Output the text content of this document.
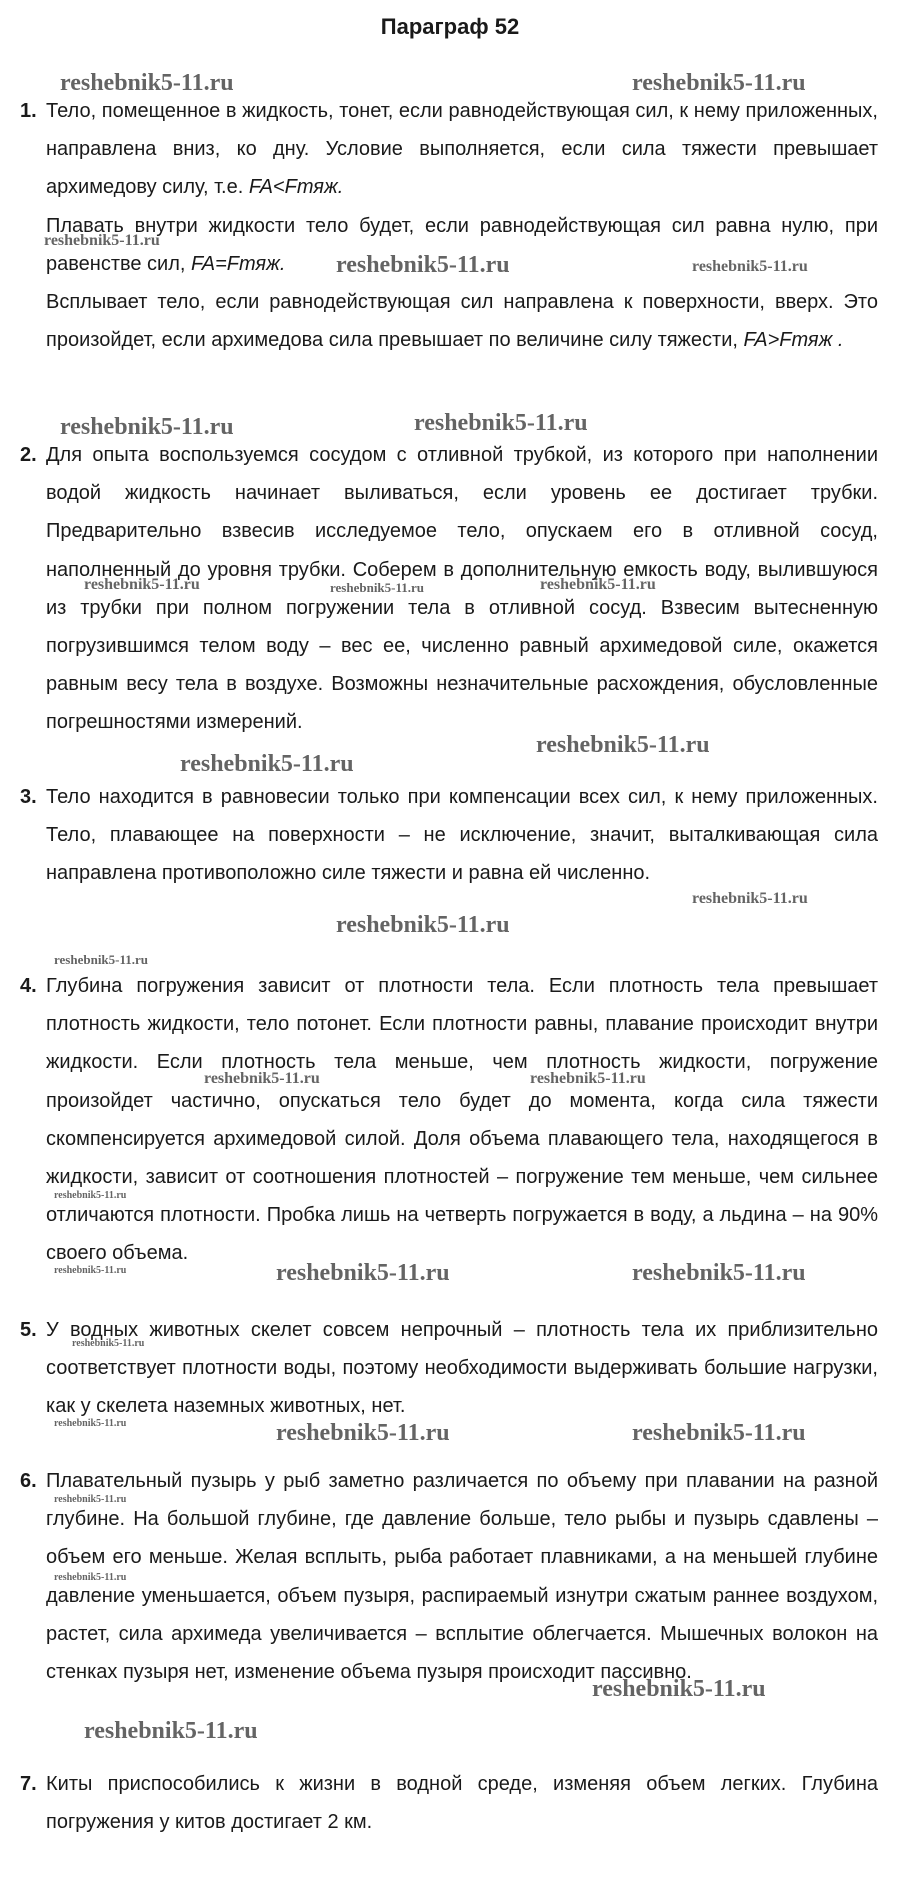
Параграф 52
1. Тело, помещенное в жидкость, тонет, если равнодействующая сил, к нему приложенных, направлена вниз, ко дну. Условие выполняется, если сила тяжести превышает архимедову силу, т.е. FA<Fтяж.

Плавать внутри жидкости тело будет, если равнодействующая сил равна нулю, при равенстве сил, FA=Fтяж.

Всплывает тело, если равнодействующая сил направлена к поверхности, вверх. Это произойдет, если архимедова сила превышает по величине силу тяжести, FA>Fтяж .

2. Для опыта воспользуемся сосудом с отливной трубкой, из которого при наполнении водой жидкость начинает выливаться, если уровень ее достигает трубки. Предварительно взвесив исследуемое тело, опускаем его в отливной сосуд, наполненный до уровня трубки. Соберем в дополнительную емкость воду, вылившуюся из трубки при полном погружении тела в отливной сосуд. Взвесим вытесненную погрузившимся телом воду – вес ее, численно равный архимедовой силе, окажется равным весу тела в воздухе. Возможны незначительные расхождения, обусловленные погрешностями измерений.
3. Тело находится в равновесии только при компенсации всех сил, к нему приложенных. Тело, плавающее на поверхности – не исключение, значит, выталкивающая сила направлена противоположно силе тяжести и равна ей численно.
4. Глубина погружения зависит от плотности тела. Если плотность тела превышает плотность жидкости, тело потонет. Если плотности равны, плавание происходит внутри жидкости. Если плотность тела меньше, чем плотность жидкости, погружение произойдет частично, опускаться тело будет до момента, когда сила тяжести скомпенсируется архимедовой силой. Доля объема плавающего тела, находящегося в жидкости, зависит от соотношения плотностей – погружение тем меньше, чем сильнее отличаются плотности. Пробка лишь на четверть погружается в воду, а льдина – на 90% своего объема.
5. У водных животных скелет совсем непрочный – плотность тела их приблизительно соответствует плотности воды, поэтому необходимости выдерживать большие нагрузки, как у скелета наземных животных, нет.
6. Плавательный пузырь у рыб заметно различается по объему при плавании на разной глубине. На большой глубине, где давление больше, тело рыбы и пузырь сдавлены – объем его меньше. Желая всплыть, рыба работает плавниками, а на меньшей глубине давление уменьшается, объем пузыря, распираемый изнутри сжатым раннее воздухом, растет, сила архимеда увеличивается – всплытие облегчается. Мышечных волокон на стенках пузыря нет, изменение объема пузыря происходит пассивно.
7. Киты приспособились к жизни в водной среде, изменяя объем легких. Глубина погружения у китов достигает 2 км.
reshebnik5-11.ru	reshebnik5-11.ru
reshebnik5-11.ru
reshebnik5-11.ru	reshebnik5-11.ru
reshebnik5-11.ru	reshebnik5-11.ru
reshebnik5-11.ru	reshebnik5-11.ru	reshebnik5-11.ru
reshebnik5-11.ru
reshebnik5-11.ru
reshebnik5-11.ru
reshebnik5-11.ru
reshebnik5-11.ru
reshebnik5-11.ru	reshebnik5-11.ru
reshebnik5-11.ru
reshebnik5-11.ru	reshebnik5-11.ru	reshebnik5-11.ru
reshebnik5-11.ru
reshebnik5-11.ru	reshebnik5-11.ru	reshebnik5-11.ru
reshebnik5-11.ru
reshebnik5-11.ru
reshebnik5-11.ru
reshebnik5-11.ru
